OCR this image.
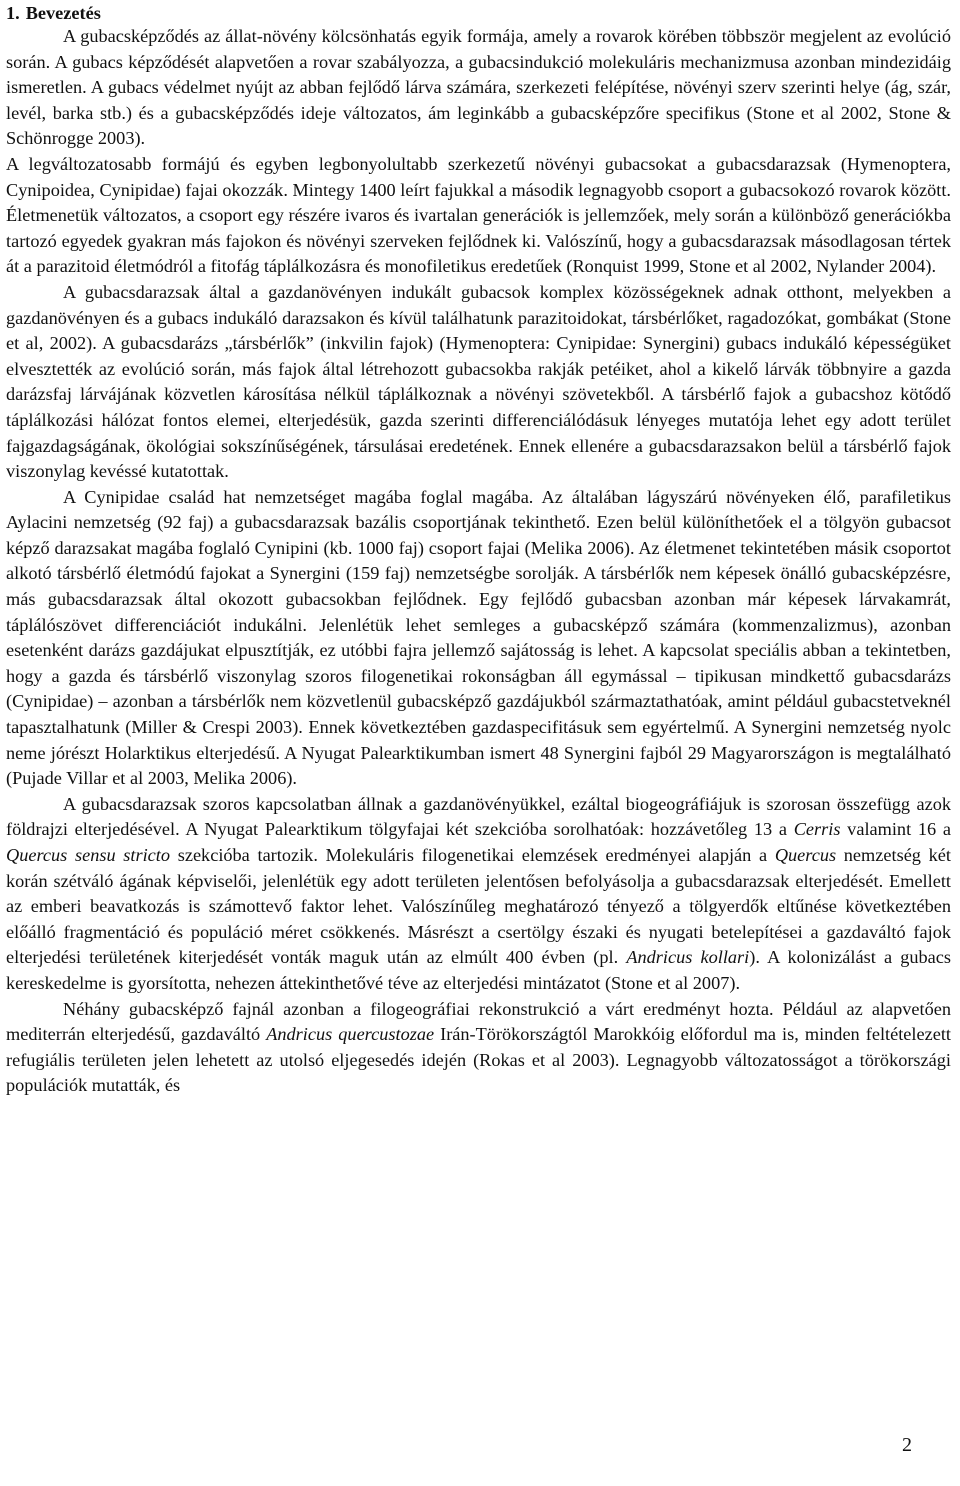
1. Bevezetés

A gubacsképződés az állat-növény kölcsönhatás egyik formája, amely a rovarok körében többször megjelent az evolúció során. A gubacs képződését alapvetően a rovar szabályozza, a gubacsindukció molekuláris mechanizmusa azonban mindezidáig ismeretlen. A gubacs védelmet nyújt az abban fejlődő lárva számára, szerkezeti felépítése, növényi szerv szerinti helye (ág, szár, levél, barka stb.) és a gubacsképződés ideje változatos, ám leginkább a gubacsképzőre specifikus (Stone et al 2002, Stone & Schönrogge 2003).

A legváltozatosabb formájú és egyben legbonyolultabb szerkezetű növényi gubacsokat a gubacsdarazsak (Hymenoptera, Cynipoidea, Cynipidae) fajai okozzák. Mintegy 1400 leírt fajukkal a második legnagyobb csoport a gubacsokozó rovarok között. Életmenetük változatos, a csoport egy részére ivaros és ivartalan generációk is jellemzőek, mely során a különböző generációkba tartozó egyedek gyakran más fajokon és növényi szerveken fejlődnek ki. Valószínű, hogy a gubacsdarazsak másodlagosan tértek át a parazitoid életmódról a fitofág táplálkozásra és monofiletikus eredetűek (Ronquist 1999, Stone et al 2002, Nylander 2004).

A gubacsdarazsak által a gazdanövényen indukált gubacsok komplex közösségeknek adnak otthont, melyekben a gazdanövényen és a gubacs indukáló darazsakon és kívül találhatunk parazitoidokat, társbérlőket, ragadozókat, gombákat (Stone et al, 2002). A gubacsdarázs „társbérlők” (inkvilin fajok) (Hymenoptera: Cynipidae: Synergini) gubacs indukáló képességüket elvesztették az evolúció során, más fajok által létrehozott gubacsokba rakják petéiket, ahol a kikelő lárvák többnyire a gazda darázsfaj lárvájának közvetlen károsítása nélkül táplálkoznak a növényi szövetekből. A társbérlő fajok a gubacshoz kötődő táplálkozási hálózat fontos elemei, elterjedésük, gazda szerinti differenciálódásuk lényeges mutatója lehet egy adott terület fajgazdagságának, ökológiai sokszínűségének, társulásai eredetének. Ennek ellenére a gubacsdarazsakon belül a társbérlő fajok viszonylag kevéssé kutatottak.

A Cynipidae család hat nemzetséget magába foglal magába. Az általában lágyszárú növényeken élő, parafiletikus Aylacini nemzetség (92 faj) a gubacsdarazsak bazális csoportjának tekinthető. Ezen belül különíthetőek el a tölgyön gubacsot képző darazsakat magába foglaló Cynipini (kb. 1000 faj) csoport fajai (Melika 2006). Az életmenet tekintetében másik csoportot alkotó társbérlő életmódú fajokat a Synergini (159 faj) nemzetségbe sorolják. A társbérlők nem képesek önálló gubacsképzésre, más gubacsdarazsak által okozott gubacsokban fejlődnek. Egy fejlődő gubacsban azonban már képesek lárvakamrát, táplálószövet differenciációt indukálni. Jelenlétük lehet semleges a gubacsképző számára (kommenzalizmus), azonban esetenként darázs gazdájukat elpusztítják, ez utóbbi fajra jellemző sajátosság is lehet. A kapcsolat speciális abban a tekintetben, hogy a gazda és társbérlő viszonylag szoros filogenetikai rokonságban áll egymással – tipikusan mindkettő gubacsdarázs (Cynipidae) – azonban a társbérlők nem közvetlenül gubacsképző gazdájukból származtathatóak, amint például gubacstetveknél tapasztalhatunk (Miller & Crespi 2003). Ennek következtében gazdaspecifitásuk sem egyértelmű. A Synergini nemzetség nyolc neme jórészt Holarktikus elterjedésű. A Nyugat Palearktikumban ismert 48 Synergini fajból 29 Magyarországon is megtalálható (Pujade Villar et al 2003, Melika 2006).

A gubacsdarazsak szoros kapcsolatban állnak a gazdanövényükkel, ezáltal biogeográfiájuk is szorosan összefügg azok földrajzi elterjedésével. A Nyugat Palearktikum tölgyfajai két szekcióba sorolhatóak: hozzávetőleg 13 a Cerris valamint 16 a Quercus sensu stricto szekcióba tartozik. Molekuláris filogenetikai elemzések eredményei alapján a Quercus nemzetség két korán szétváló ágának képviselői, jelenlétük egy adott területen jelentősen befolyásolja a gubacsdarazsak elterjedését. Emellett az emberi beavatkozás is számottevő faktor lehet. Valószínűleg meghatározó tényező a tölgyerdők eltűnése következtében előálló fragmentáció és populáció méret csökkenés. Másrészt a csertölgy északi és nyugati betelepítései a gazdaváltó fajok elterjedési területének kiterjedését vonták maguk után az elmúlt 400 évben (pl. Andricus kollari). A kolonizálást a gubacs kereskedelme is gyorsította, nehezen áttekinthetővé téve az elterjedési mintázatot (Stone et al 2007).

Néhány gubacsképző fajnál azonban a filogeográfiai rekonstrukció a várt eredményt hozta. Például az alapvetően mediterrán elterjedésű, gazdaváltó Andricus quercustozae Irán-Törökországtól Marokkóig előfordul ma is, minden feltételezett refugiális területen jelen lehetett az utolsó eljegesedés idején (Rokas et al 2003). Legnagyobb változatosságot a törökországi populációk mutatták, és

2
